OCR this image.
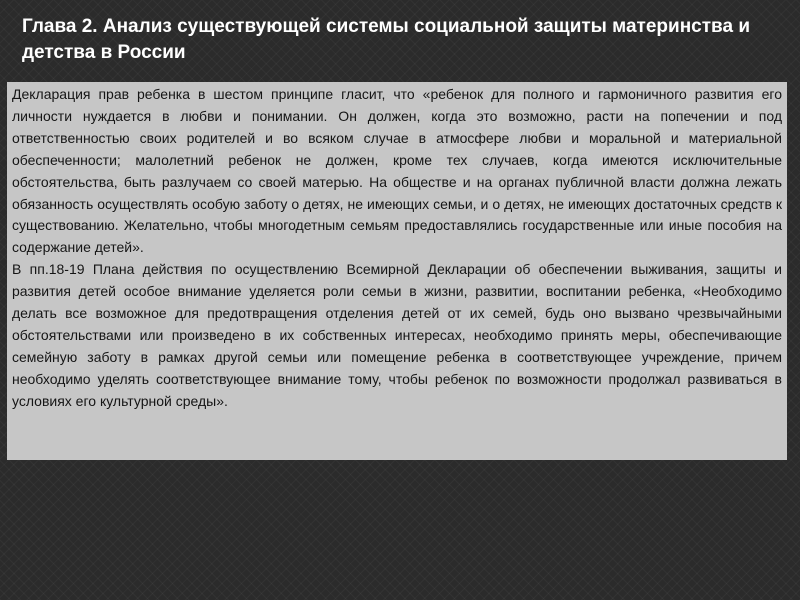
Глава 2. Анализ существующей системы социальной защиты материнства и детства в России

Декларация прав ребенка в шестом принципе гласит, что «ребенок для полного и гармоничного развития его личности нуждается в любви и понимании. Он должен, когда это возможно, расти на попечении и под ответственностью своих родителей и во всяком случае в атмосфере любви и моральной и материальной обеспеченности; малолетний ребенок не должен, кроме тех случаев, когда имеются исключительные обстоятельства, быть разлучаем со своей матерью. На обществе и на органах публичной власти должна лежать обязанность осуществлять особую заботу о детях, не имеющих семьи, и о детях, не имеющих достаточных средств к существованию. Желательно, чтобы многодетным семьям предоставлялись государственные или иные пособия на содержание детей».

В пп.18-19 Плана действия по осуществлению Всемирной Декларации об обеспечении выживания, защиты и развития детей особое внимание уделяется роли семьи в жизни, развитии, воспитании ребенка, «Необходимо делать все возможное для предотвращения отделения детей от их семей, будь оно вызвано чрезвычайными обстоятельствами или произведено в их собственных интересах, необходимо принять меры, обеспечивающие семейную заботу в рамках другой семьи или помещение ребенка в соответствующее учреждение, причем необходимо уделять соответствующее внимание тому, чтобы ребенок по возможности продолжал развиваться в условиях его культурной среды».
